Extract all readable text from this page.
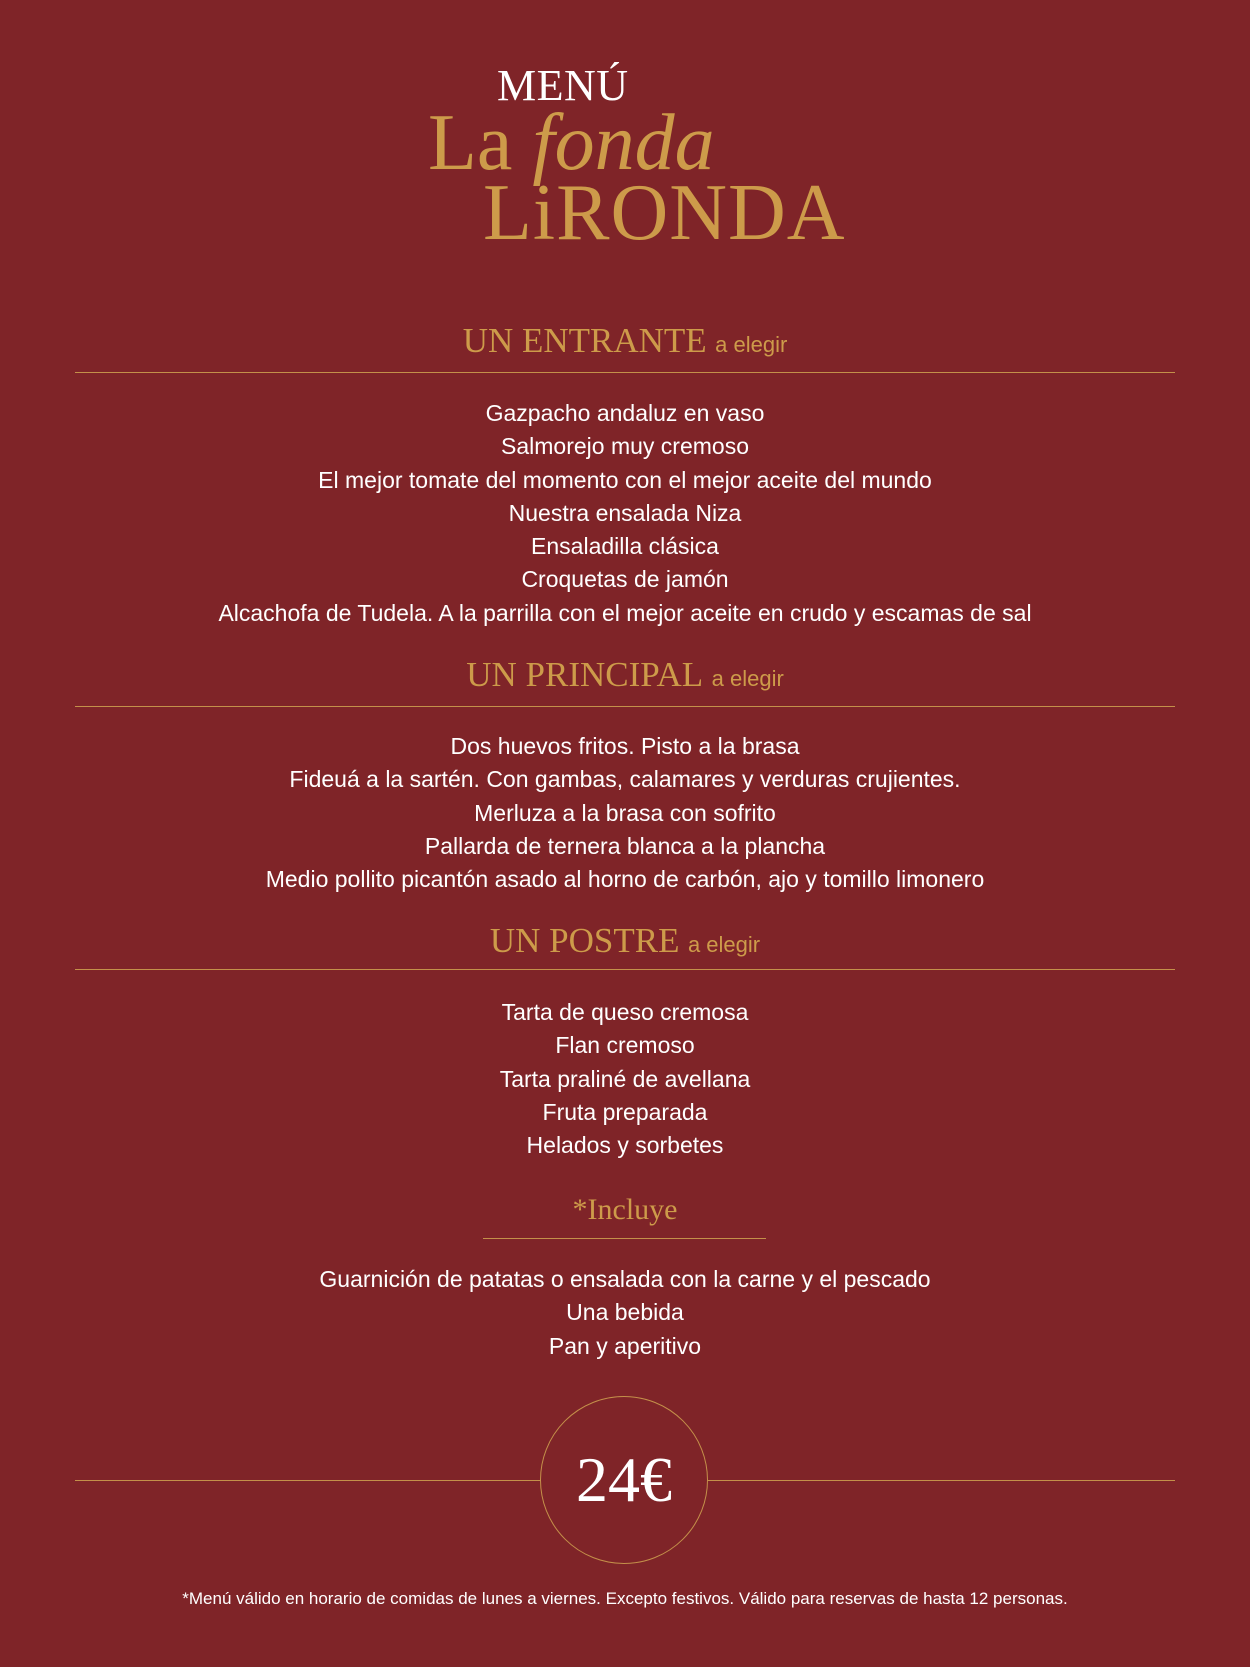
MENÚ
La fonda
LiRONDA
UN ENTRANTE a elegir
Gazpacho andaluz en vaso
Salmorejo muy cremoso
El mejor tomate del momento con el mejor aceite del mundo
Nuestra ensalada Niza
Ensaladilla clásica
Croquetas de jamón
Alcachofa de Tudela. A la parrilla con el mejor aceite en crudo y escamas de sal
UN PRINCIPAL a elegir
Dos huevos fritos. Pisto a la brasa
Fideuá a la sartén. Con gambas, calamares y verduras crujientes.
Merluza a la brasa con sofrito
Pallarda de ternera blanca a la plancha
Medio pollito picantón asado al horno de carbón, ajo y tomillo limonero
UN POSTRE a elegir
Tarta de queso cremosa
Flan cremoso
Tarta praliné de avellana
Fruta preparada
Helados y sorbetes
*Incluye
Guarnición de patatas o ensalada con la carne y el pescado
Una bebida
Pan y aperitivo
24€
*Menú válido en horario de comidas de lunes a viernes. Excepto festivos. Válido para reservas de hasta 12 personas.
